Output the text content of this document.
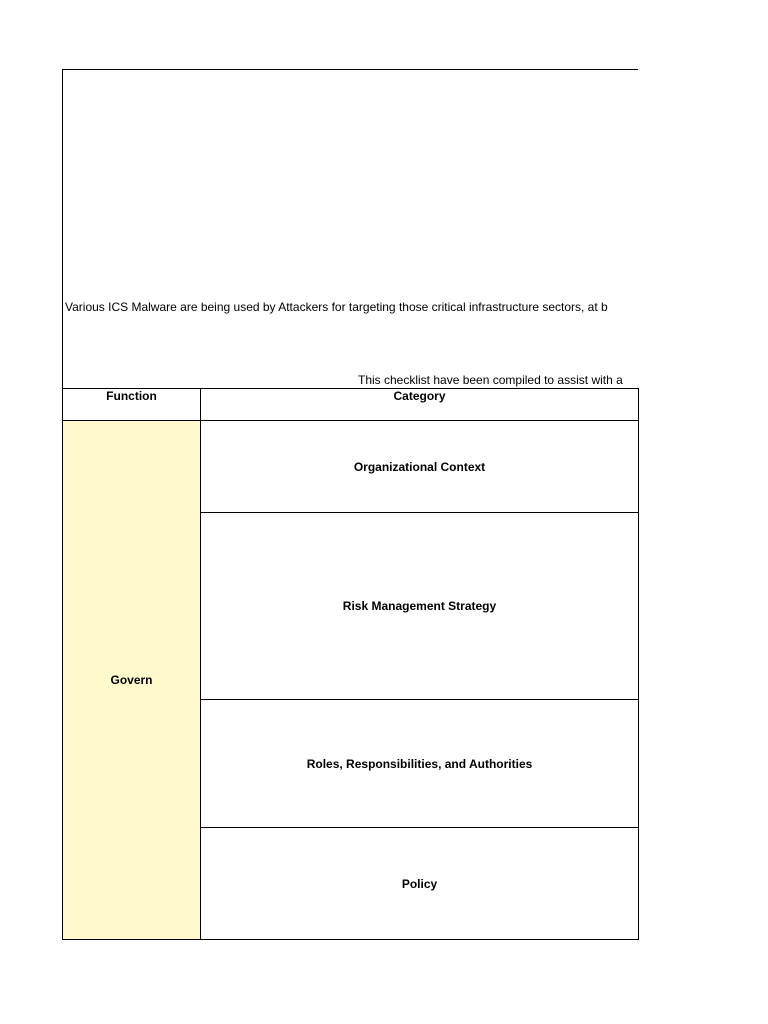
Various ICS Malware are being used by Attackers for targeting those critical infrastructure sectors, at b
This checklist have been compiled to assist with a
Function	Category
Govern	Organizational Context
	Risk Management Strategy
	Roles, Responsibilities, and Authorities
	Policy
